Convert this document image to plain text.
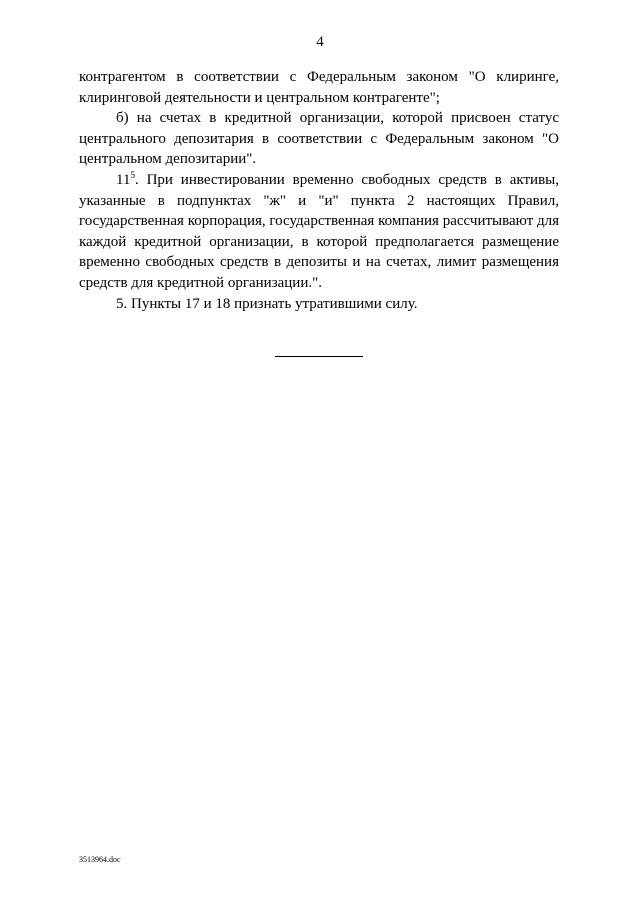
4

контрагентом в соответствии с Федеральным законом "О клиринге, клиринговой деятельности и центральном контрагенте";

б) на счетах в кредитной организации, которой присвоен статус центрального депозитария в соответствии с Федеральным законом "О центральном депозитарии".

$11^5$. При инвестировании временно свободных средств в активы, указанные в подпунктах "ж" и "и" пункта 2 настоящих Правил, государственная корпорация, государственная компания рассчитывают для каждой кредитной организации, в которой предполагается размещение временно свободных средств в депозиты и на счетах, лимит размещения средств для кредитной организации.".

5. Пункты 17 и 18 признать утратившими силу.

3513964.doc
